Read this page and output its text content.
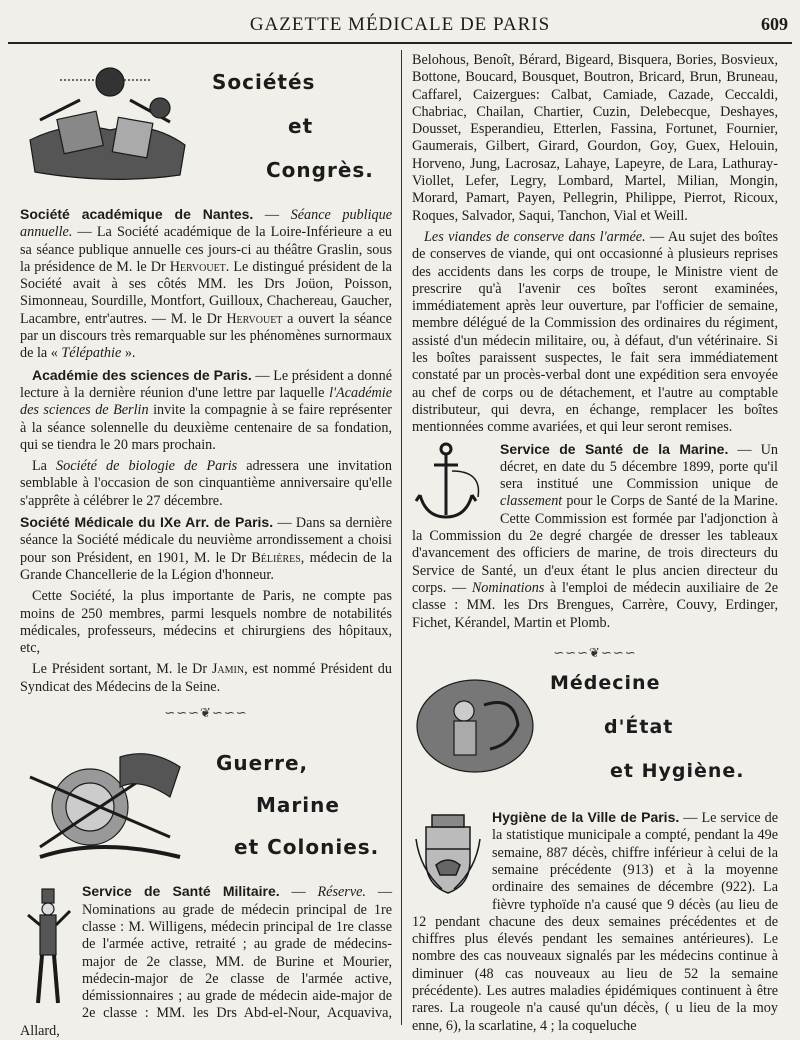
GAZETTE MÉDICALE DE PARIS	609
Sociétés
et
Congrès.

Société académique de Nantes. — Séance publique annuelle. — La Société académique de la Loire-Inférieure a eu sa séance publique annuelle ces jours-ci au théâtre Graslin, sous la présidence de M. le Dr Hervouet. Le distingué président de la Société avait à ses côtés MM. les Drs Joüon, Poisson, Simonneau, Sourdille, Montfort, Guilloux, Chachereau, Gaucher, Lacambre, entr'autres. — M. le Dr Hervouet a ouvert la séance par un discours très remarquable sur les phénomènes surnormaux de la « Télépathie ».

Académie des sciences de Paris. — Le président a donné lecture à la dernière réunion d'une lettre par laquelle l'Académie des sciences de Berlin invite la compagnie à se faire représenter à la séance solennelle du deuxième centenaire de sa fondation, qui se tiendra le 20 mars prochain.

La Société de biologie de Paris adressera une invitation semblable à l'occasion de son cinquantième anniversaire qu'elle s'apprête à célébrer le 27 décembre.

Société Médicale du IXe Arr. de Paris. — Dans sa dernière séance la Société médicale du neuvième arrondissement a choisi pour son Président, en 1901, M. le Dr Bélières, médecin de la Grande Chancellerie de la Légion d'honneur.

Cette Société, la plus importante de Paris, ne compte pas moins de 250 membres, parmi lesquels nombre de notabilités médicales, professeurs, médecins et chirurgiens des hôpitaux, etc,

Le Président sortant, M. le Dr Jamin, est nommé Président du Syndicat des Médecins de la Seine.

∽∽∽❦∽∽∽
Guerre,
Marine
et Colonies.

Service de Santé Militaire. — Réserve. — Nominations au grade de médecin principal de 1re classe : M. Willigens, médecin principal de 1re classe de l'armée active, retraité ; au grade de médecins-major de 2e classe, MM. de Burine et Mourier, médecin-major de 2e classe de l'armée active, démissionnaires ; au grade de médecin aide-major de 2e classe : MM. les Drs Abd-el-Nour, Acquaviva, Allard,

Belohous, Benoît, Bérard, Bigeard, Bisquera, Bories, Bosvieux, Bottone, Boucard, Bousquet, Boutron, Bricard, Brun, Bruneau, Caffarel, Caizergues: Calbat, Camiade, Cazade, Ceccaldi, Chabriac, Chailan, Chartier, Cuzin, Delebecque, Deshayes, Dousset, Esperandieu, Etterlen, Fassina, Fortunet, Fournier, Gaumerais, Gilbert, Girard, Gourdon, Goy, Guex, Helouin, Horveno, Jung, Lacrosaz, Lahaye, Lapeyre, de Lara, Lathuray-Viollet, Lefer, Legry, Lombard, Martel, Milian, Mongin, Morard, Pamart, Payen, Pellegrin, Philippe, Pierrot, Ricoux, Roques, Salvador, Saqui, Tanchon, Vial et Weill.

Les viandes de conserve dans l'armée. — Au sujet des boîtes de conserves de viande, qui ont occasionné à plusieurs reprises des accidents dans les corps de troupe, le Ministre vient de prescrire qu'à l'avenir ces boîtes seront examinées, immédiatement après leur ouverture, par l'officier de semaine, membre délégué de la Commission des ordinaires du régiment, assisté d'un médecin militaire, ou, à défaut, d'un vétérinaire. Si les boîtes paraissent suspectes, le fait sera immédiatement constaté par un procès-verbal dont une expédition sera envoyée au chef de corps ou de détachement, et l'autre au comptable distributeur, qui devra, en échange, remplacer les boîtes mentionnées comme avariées, et qui leur seront remises.

Service de Santé de la Marine. — Un décret, en date du 5 décembre 1899, porte qu'il sera institué une Commission unique de classement pour le Corps de Santé de la Marine. Cette Commission est formée par l'adjonction à la Commission du 2e degré chargée de dresser les tableaux d'avancement des officiers de marine, de trois directeurs du Service de Santé, un d'eux étant le plus ancien directeur du corps. — Nominations à l'emploi de médecin auxiliaire de 2e classe : MM. les Drs Brengues, Carrère, Couvy, Erdinger, Fichet, Kérandel, Martin et Plomb.

∽∽∽❦∽∽∽
Médecine
d'État
et Hygiène.

Hygiène de la Ville de Paris. — Le service de la statistique municipale a compté, pendant la 49e semaine, 887 décès, chiffre inférieur à celui de la semaine précédente (913) et à la moyenne ordinaire des semaines de décembre (922). La fièvre typhoïde n'a causé que 9 décès (au lieu de 12 pendant chacune des deux semaines précédentes et de chiffres plus élevés pendant les semaines antérieures). Le nombre des cas nouveaux signalés par les médecins continue à diminuer (48 cas nouveaux au lieu de 52 la semaine précédente). Les autres maladies épidémiques continuent à être rares. La rougeole n'a causé qu'un décès, ( u lieu de la moy enne, 6), la scarlatine, 4 ; la coqueluche
